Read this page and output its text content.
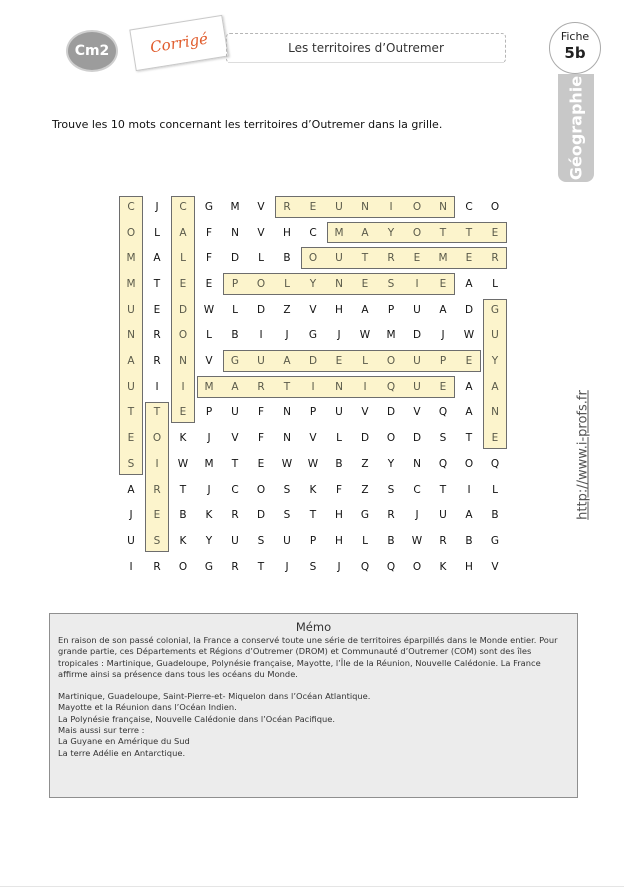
Cm2	Corrigé	Les territoires d’Outremer
Géographie
Fiche
5b
Trouve les 10 mots concernant les territoires d’Outremer dans la grille.
http://www.i-profs.fr
C	J	C	G	M	V	R	E	U	N	I	O	N	C	O
O	L	A	F	N	V	H	C	M	A	Y	O	T	T	E
M	A	L	F	D	L	B	O	U	T	R	E	M	E	R
M	T	E	E	P	O	L	Y	N	E	S	I	E	A	L
U	E	D	W	L	D	Z	V	H	A	P	U	A	D	G
N	R	O	L	B	I	J	G	J	W	M	D	J	W	U
A	R	N	V	G	U	A	D	E	L	O	U	P	E	Y
U	I	I	M	A	R	T	I	N	I	Q	U	E	A	A
T	T	E	P	U	F	N	P	U	V	D	V	Q	A	N
E	O	K	J	V	F	N	V	L	D	O	D	S	T	E
S	I	W	M	T	E	W	W	B	Z	Y	N	Q	O	Q
A	R	T	J	C	O	S	K	F	Z	S	C	T	I	L
J	E	B	K	R	D	S	T	H	G	R	J	U	A	B
U	S	K	Y	U	S	U	P	H	L	B	W	R	B	G
I	R	O	G	R	T	J	S	J	Q	Q	O	K	H	V
Mémo

En raison de son passé colonial, la France a conservé toute une série de territoires éparpillés dans le Monde entier. Pour grande partie, ces Départements et Régions d’Outremer (DROM) et Communauté d’Outremer (COM) sont des îles tropicales : Martinique, Guadeloupe, Polynésie française, Mayotte, l’Île de la Réunion, Nouvelle Calédonie. La France affirme ainsi sa présence dans tous les océans du Monde.

Martinique, Guadeloupe, Saint-Pierre-et- Miquelon dans l’Océan Atlantique.

Mayotte et la Réunion dans l’Océan Indien.

La Polynésie française, Nouvelle Calédonie dans l’Océan Pacifique.

Mais aussi sur terre :

La Guyane en Amérique du Sud

La terre Adélie en Antarctique.
